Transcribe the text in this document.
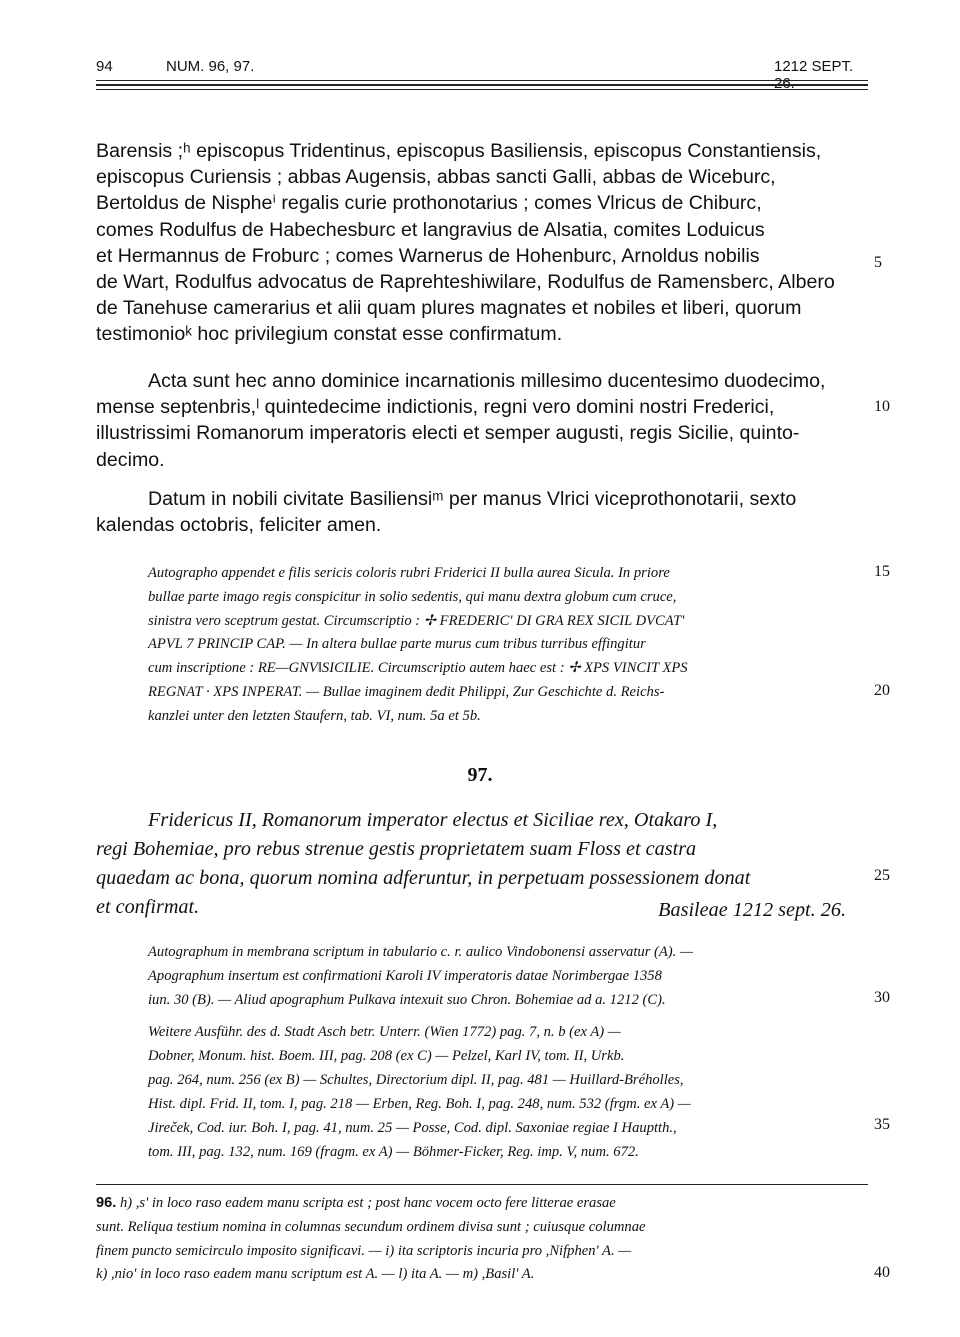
94	NUM. 96, 97.	1212 SEPT. 26.
Barensis ;ʰ episcopus Tridentinus, episcopus Basiliensis, episcopus Constantiensis,
episcopus Curiensis ; abbas Augensis, abbas sancti Galli, abbas de Wiceburc,
Bertoldus de Nispheⁱ regalis curie prothonotarius ; comes Vlricus de Chiburc,
comes Rodulfus de Habechesburc et langravius de Alsatia, comites Loduicus
et Hermannus de Froburc ; comes Warnerus de Hohenburc, Arnoldus nobilis
de Wart, Rodulfus advocatus de Raprehteshiwilare, Rodulfus de Ramensberc, Albero
de Tanehuse camerarius et alii quam plures magnates et nobiles et liberi, quorum
testimonioᵏ hoc privilegium constat esse confirmatum.
Acta sunt hec anno dominice incarnationis millesimo ducentesimo duodecimo,
mense septenbris,ˡ quintedecime indictionis, regni vero domini nostri Frederici,
illustrissimi Romanorum imperatoris electi et semper augusti, regis Sicilie, quinto-
decimo.
Datum in nobili civitate Basiliensiᵐ per manus Vlrici viceprothonotarii, sexto
kalendas octobris, feliciter amen.
Autographo appendet e filis sericis coloris rubri Friderici II bulla aurea Sicula. In priore
bullae parte imago regis conspicitur in solio sedentis, qui manu dextra globum cum cruce,
sinistra vero sceptrum gestat. Circumscriptio : ✢ FREDERIC' DI GRA REX SICIL DVCAT'
APVL 7 PRINCIP CAP. — In altera bullae parte murus cum tribus turribus effingitur
cum inscriptione : RE—GNV‖SICILIE. Circumscriptio autem haec est : ✢ XPS VINCIT XPS
REGNAT · XPS INPERAT. — Bullae imaginem dedit Philippi, Zur Geschichte d. Reichs-
kanzlei unter den letzten Staufern, tab. VI, num. 5a et 5b.
97.
Fridericus II, Romanorum imperator electus et Siciliae rex, Otakaro I,
regi Bohemiae, pro rebus strenue gestis proprietatem suam Floss et castra
quaedam ac bona, quorum nomina adferuntur, in perpetuam possessionem donat
et confirmat.	Basileae 1212 sept. 26.
Autographum in membrana scriptum in tabulario c. r. aulico Vindobonensi asservatur (A). —
Apographum insertum est confirmationi Karoli IV imperatoris datae Norimbergae 1358
iun. 30 (B). — Aliud apographum Pulkava intexuit suo Chron. Bohemiae ad a. 1212 (C).
Weitere Ausführ. des d. Stadt Asch betr. Unterr. (Wien 1772) pag. 7, n. b (ex A) —
Dobner, Monum. hist. Boem. III, pag. 208 (ex C) — Pelzel, Karl IV, tom. II, Urkb.
pag. 264, num. 256 (ex B) — Schultes, Directorium dipl. II, pag. 481 — Huillard-Bréholles,
Hist. dipl. Frid. II, tom. I, pag. 218 — Erben, Reg. Boh. I, pag. 248, num. 532 (frgm. ex A) —
Jireček, Cod. iur. Boh. I, pag. 41, num. 25 — Posse, Cod. dipl. Saxoniae regiae I Hauptth.,
tom. III, pag. 132, num. 169 (fragm. ex A) — Böhmer-Ficker, Reg. imp. V, num. 672.
96. h) ,s' in loco raso eadem manu scripta est ; post hanc vocem octo fere litterae erasae
sunt. Reliqua testium nomina in columnas secundum ordinem divisa sunt ; cuiusque columnae
finem puncto semicirculo imposito significavi. — i) ita scriptoris incuria pro ,Nifphen' A. —
k) ,nio' in loco raso eadem manu scriptum est A. — l) ita A. — m) ,Basil' A.
5
10
15
20
25
30
35
40
